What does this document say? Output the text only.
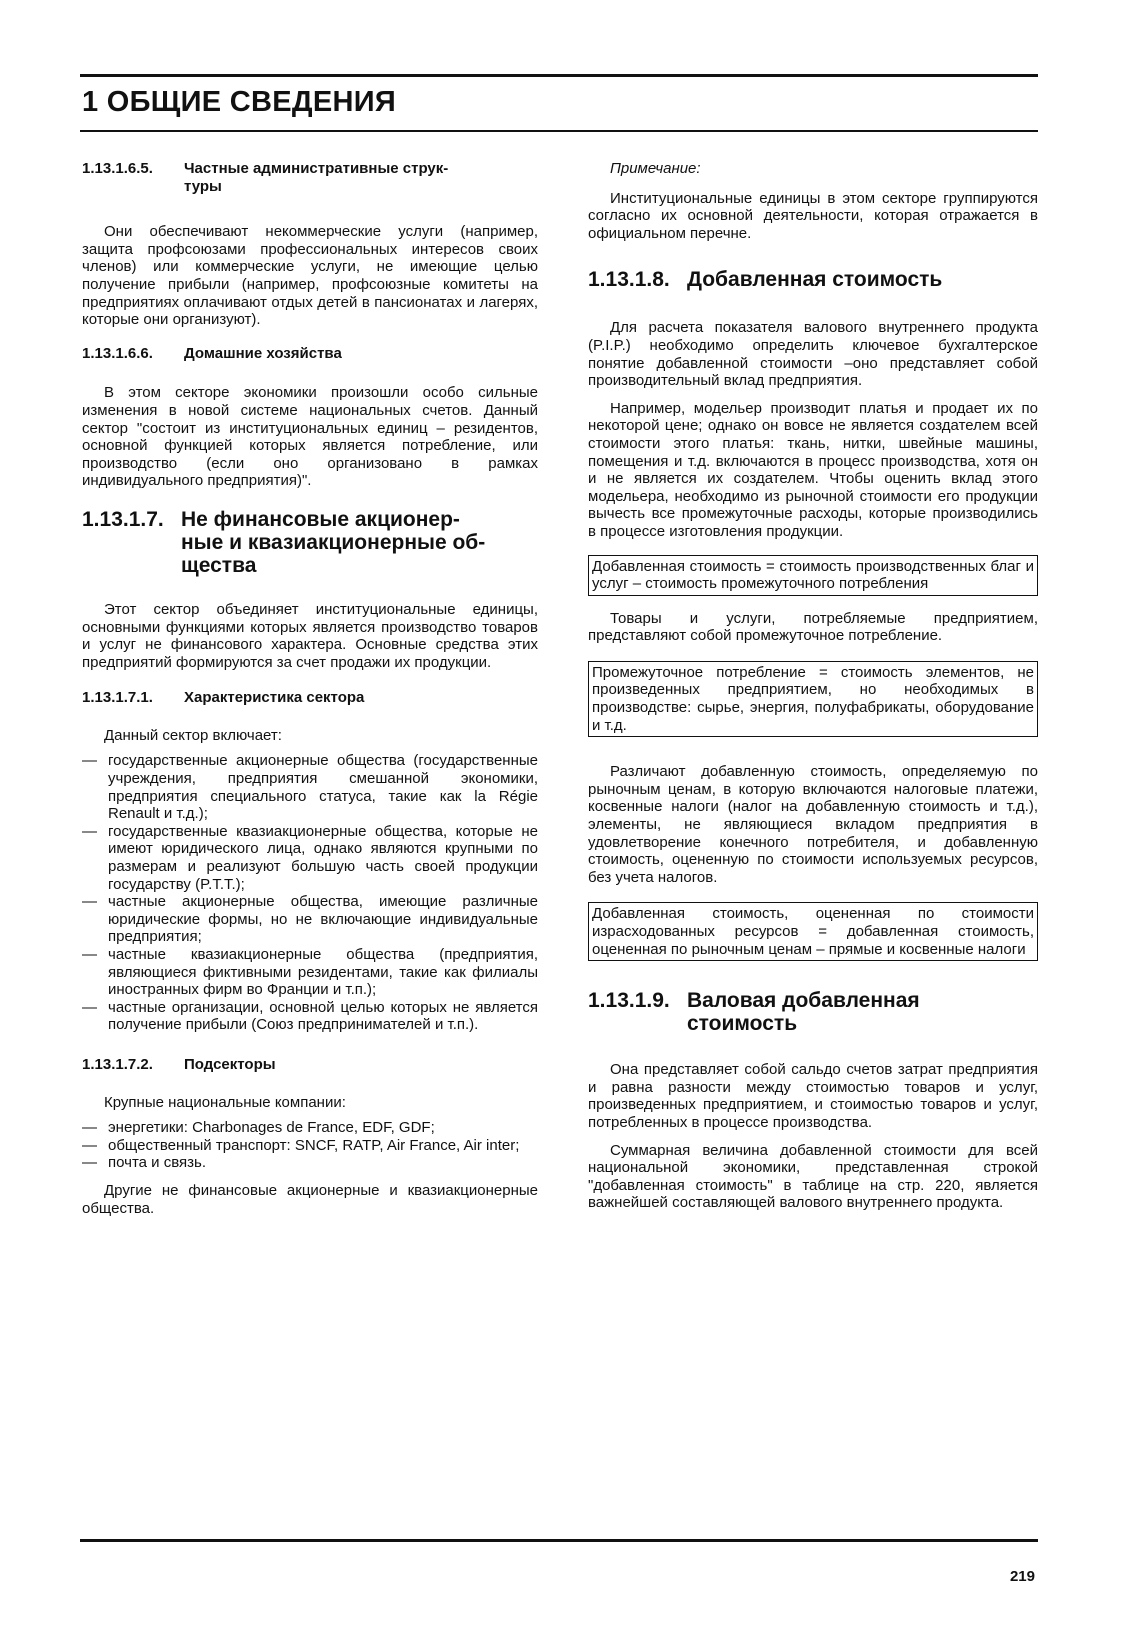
1 ОБЩИЕ СВЕДЕНИЯ
1.13.1.6.5. Частные административные струк-
туры

Они обеспечивают некоммерческие услуги (например, защита профсоюзами профессиональных интересов своих членов) или коммерческие услуги, не имеющие целью получение прибыли (например, профсоюзные комитеты на предприятиях оплачивают отдых детей в пансионатах и лагерях, которые они организуют).

1.13.1.6.6. Домашние хозяйства

В этом секторе экономики произошли особо сильные изменения в новой системе национальных счетов. Данный сектор "состоит из институциональных единиц – резидентов, основной функцией которых является потребление, или производство (если оно организовано в рамках индивидуального предприятия)".

1.13.1.7. Не финансовые акционер-
ные и квазиакционерные об-
щества

Этот сектор объединяет институциональные единицы, основными функциями которых является производство товаров и услуг не финансового характера. Основные средства этих предприятий формируются за счет продажи их продукции.

1.13.1.7.1. Характеристика сектора

Данный сектор включает:

— государственные акционерные общества (государственные учреждения, предприятия смешанной экономики, предприятия специального статуса, такие как la Régie Renault и т.д.);
— государственные квазиакционерные общества, которые не имеют юридического лица, однако являются крупными по размерам и реализуют большую часть своей продукции государству (P.T.T.);
— частные акционерные общества, имеющие различные юридические формы, но не включающие индивидуальные предприятия;
— частные квазиакционерные общества (предприятия, являющиеся фиктивными резидентами, такие как филиалы иностранных фирм во Франции и т.п.);
— частные организации, основной целью которых не является получение прибыли (Союз предпринимателей и т.п.).
1.13.1.7.2. Подсекторы

Крупные национальные компании:

— энергетики: Charbonages de France, EDF, GDF;
— общественный транспорт: SNCF, RATP, Air France, Air inter;
— почта и связь.

Другие не финансовые акционерные и квазиакционерные общества.

Примечание:

Институциональные единицы в этом секторе группируются согласно их основной деятельности, которая отражается в официальном перечне.

1.13.1.8. Добавленная стоимость

Для расчета показателя валового внутреннего продукта (P.I.P.) необходимо определить ключевое бухгалтерское понятие добавленной стоимости –оно представляет собой производительный вклад предприятия.

Например, модельер производит платья и продает их по некоторой цене; однако он вовсе не является создателем всей стоимости этого платья: ткань, нитки, швейные машины, помещения и т.д. включаются в процесс производства, хотя он и не является их создателем. Чтобы оценить вклад этого модельера, необходимо из рыночной стоимости его продукции вычесть все промежуточные расходы, которые производились в процессе изготовления продукции.

Добавленная стоимость = стоимость производственных благ и услуг – стоимость промежуточного потребления

Товары и услуги, потребляемые предприятием, представляют собой промежуточное потребление.

Промежуточное потребление = стоимость элементов, не произведенных предприятием, но необходимых в производстве: сырье, энергия, полуфабрикаты, оборудование и т.д.

Различают добавленную стоимость, определяемую по рыночным ценам, в которую включаются налоговые платежи, косвенные налоги (налог на добавленную стоимость и т.д.), элементы, не являющиеся вкладом предприятия в удовлетворение конечного потребителя, и добавленную стоимость, оцененную по стоимости используемых ресурсов, без учета налогов.

Добавленная стоимость, оцененная по стоимости израсходованных ресурсов = добавленная стоимость, оцененная по рыночным ценам – прямые и косвенные налоги
1.13.1.9. Валовая добавленная
стоимость

Она представляет собой сальдо счетов затрат предприятия и равна разности между стоимостью товаров и услуг, произведенных предприятием, и стоимостью товаров и услуг, потребленных в процессе производства.

Суммарная величина добавленной стоимости для всей национальной экономики, представленная строкой "добавленная стоимость" в таблице на стр. 220, является важнейшей составляющей валового внутреннего продукта.

219
